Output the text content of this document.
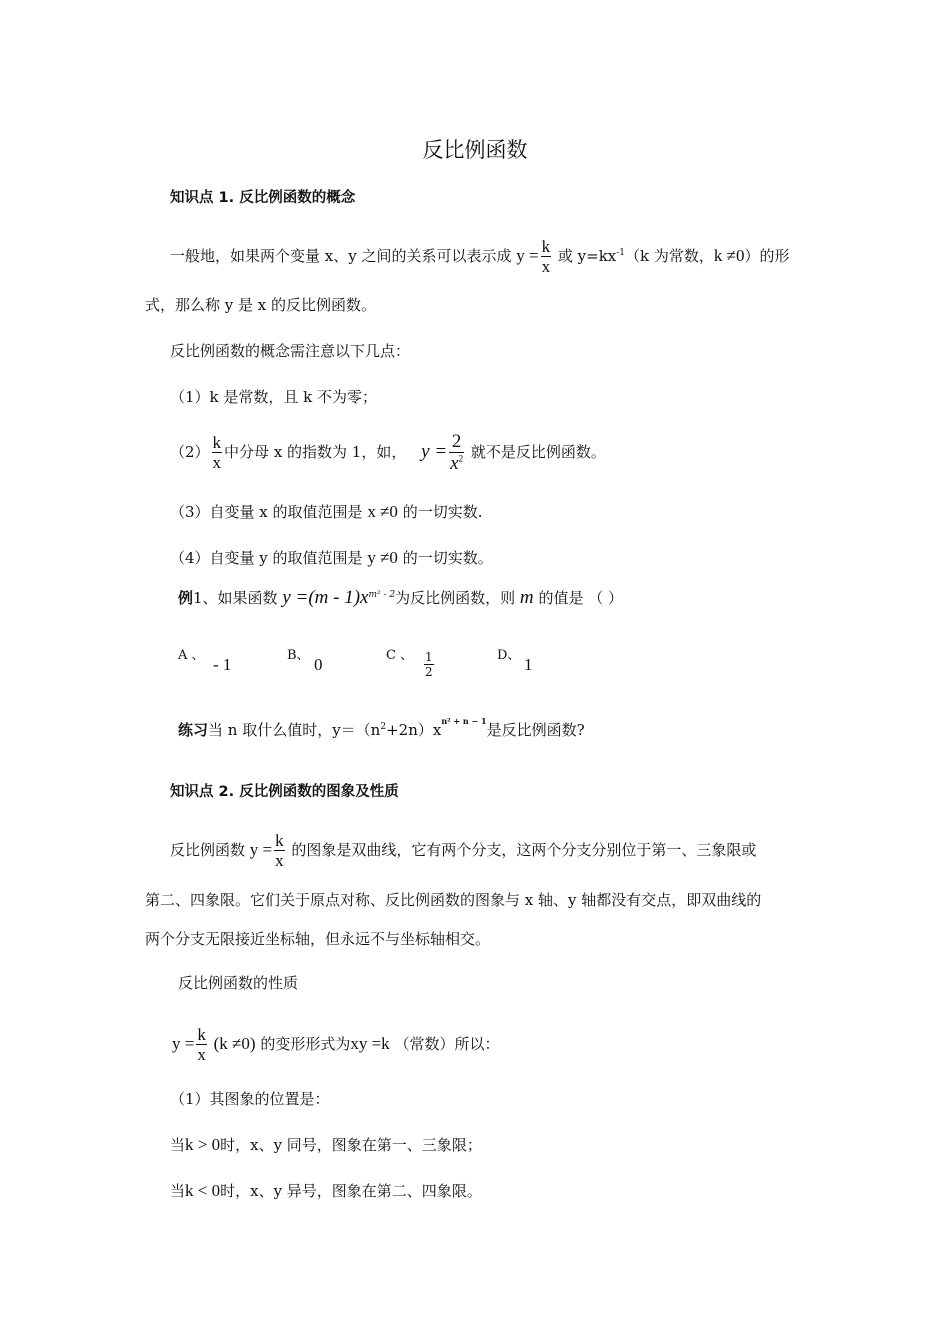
反比例函数
知识点 1. 反比例函数的概念
一般地，如果两个变量 x、y 之间的关系可以表示成 $y = \frac{k}{x}$ 或 $y=kx^{-1}(k$ 为常数，k ≠0）的形
式，那么称 y 是 x 的反比例函数。
反比例函数的概念需注意以下几点：
（1）k 是常数，且 k 不为零；
$(2) \frac{k}{x}$ 中分母 x 的指数为 1，如， $y = \frac{2}{x^2}$ 就不是反比例函数。
（3）自变量 x 的取值范围是 x ≠0 的一切实数.
（4）自变量 y 的取值范围是 y ≠0 的一切实数。
例1、如果函数 $y =(m - 1)x^{m^2 - 2}$为反比例函数，则 m 的值是 （ ）
A 、 - 1	B、 0	C 、 $\frac{1}{2}$	D、 1
练习当 n 取什么值时，$y=(n^2+2n)x^{n^2 + n - 1}$是反比例函数?
知识点 2. 反比例函数的图象及性质
反比例函数 $y = \frac{k}{x}$ 的图象是双曲线，它有两个分支，这两个分支分别位于第一、三象限或
第二、四象限。它们关于原点对称、反比例函数的图象与 x 轴、y 轴都没有交点，即双曲线的
两个分支无限接近坐标轴，但永远不与坐标轴相交。
反比例函数的性质
$y = \frac{k}{x} (k \ne 0)$ 的变形形式为xy =k （常数）所以：
（1）其图象的位置是：
当k > 0时，x、y 同号，图象在第一、三象限；
当k < 0时，x、y 异号，图象在第二、四象限。
